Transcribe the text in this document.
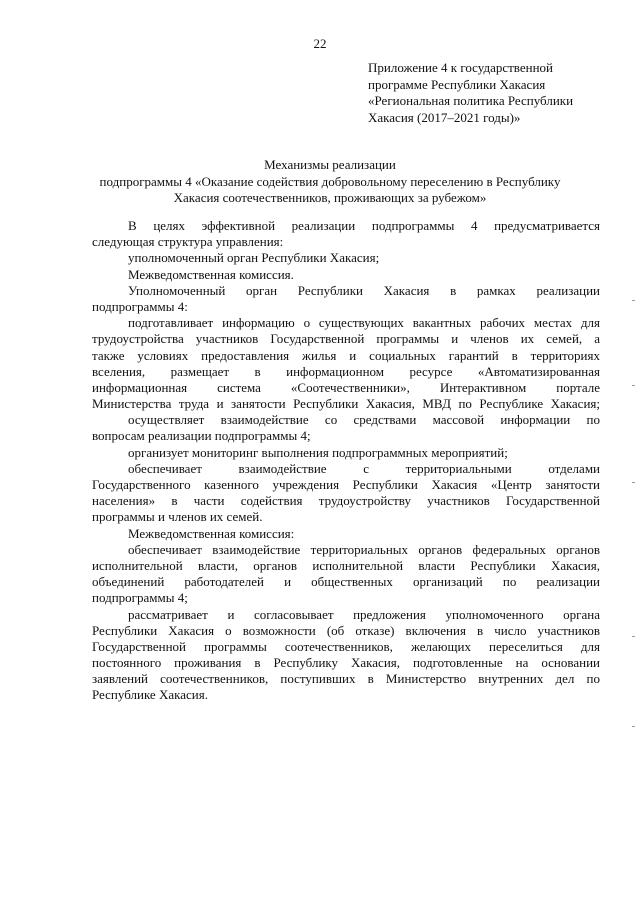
22
Приложение 4 к государственной
программе Республики Хакасия
«Региональная политика Республики
Хакасия (2017–2021 годы)»
Механизмы реализации
подпрограммы 4 «Оказание содействия добровольному переселению в Республику
Хакасия соотечественников, проживающих за рубежом»
В целях эффективной реализации подпрограммы 4 предусматривается
следующая структура управления:
уполномоченный орган Республики Хакасия;
Межведомственная комиссия.
Уполномоченный орган Республики Хакасия в рамках реализации
подпрограммы 4:
подготавливает информацию о существующих вакантных рабочих местах для
трудоустройства участников Государственной программы и членов их семей, а
также условиях предоставления жилья и социальных гарантий в территориях
вселения, размещает в информационном ресурсе «Автоматизированная
информационная система «Соотечественники», Интерактивном портале
Министерства труда и занятости Республики Хакасия, МВД по Республике Хакасия;
осуществляет взаимодействие со средствами массовой информации по
вопросам реализации подпрограммы 4;
организует мониторинг выполнения подпрограммных мероприятий;
обеспечивает взаимодействие с территориальными отделами
Государственного казенного учреждения Республики Хакасия «Центр занятости
населения» в части содействия трудоустройству участников Государственной
программы и членов их семей.
Межведомственная комиссия:
обеспечивает взаимодействие территориальных органов федеральных органов
исполнительной власти, органов исполнительной власти Республики Хакасия,
объединений работодателей и общественных организаций по реализации
подпрограммы 4;
рассматривает и согласовывает предложения уполномоченного органа
Республики Хакасия о возможности (об отказе) включения в число участников
Государственной программы соотечественников, желающих переселиться для
постоянного проживания в Республику Хакасия, подготовленные на основании
заявлений соотечественников, поступивших в Министерство внутренних дел по
Республике Хакасия.
